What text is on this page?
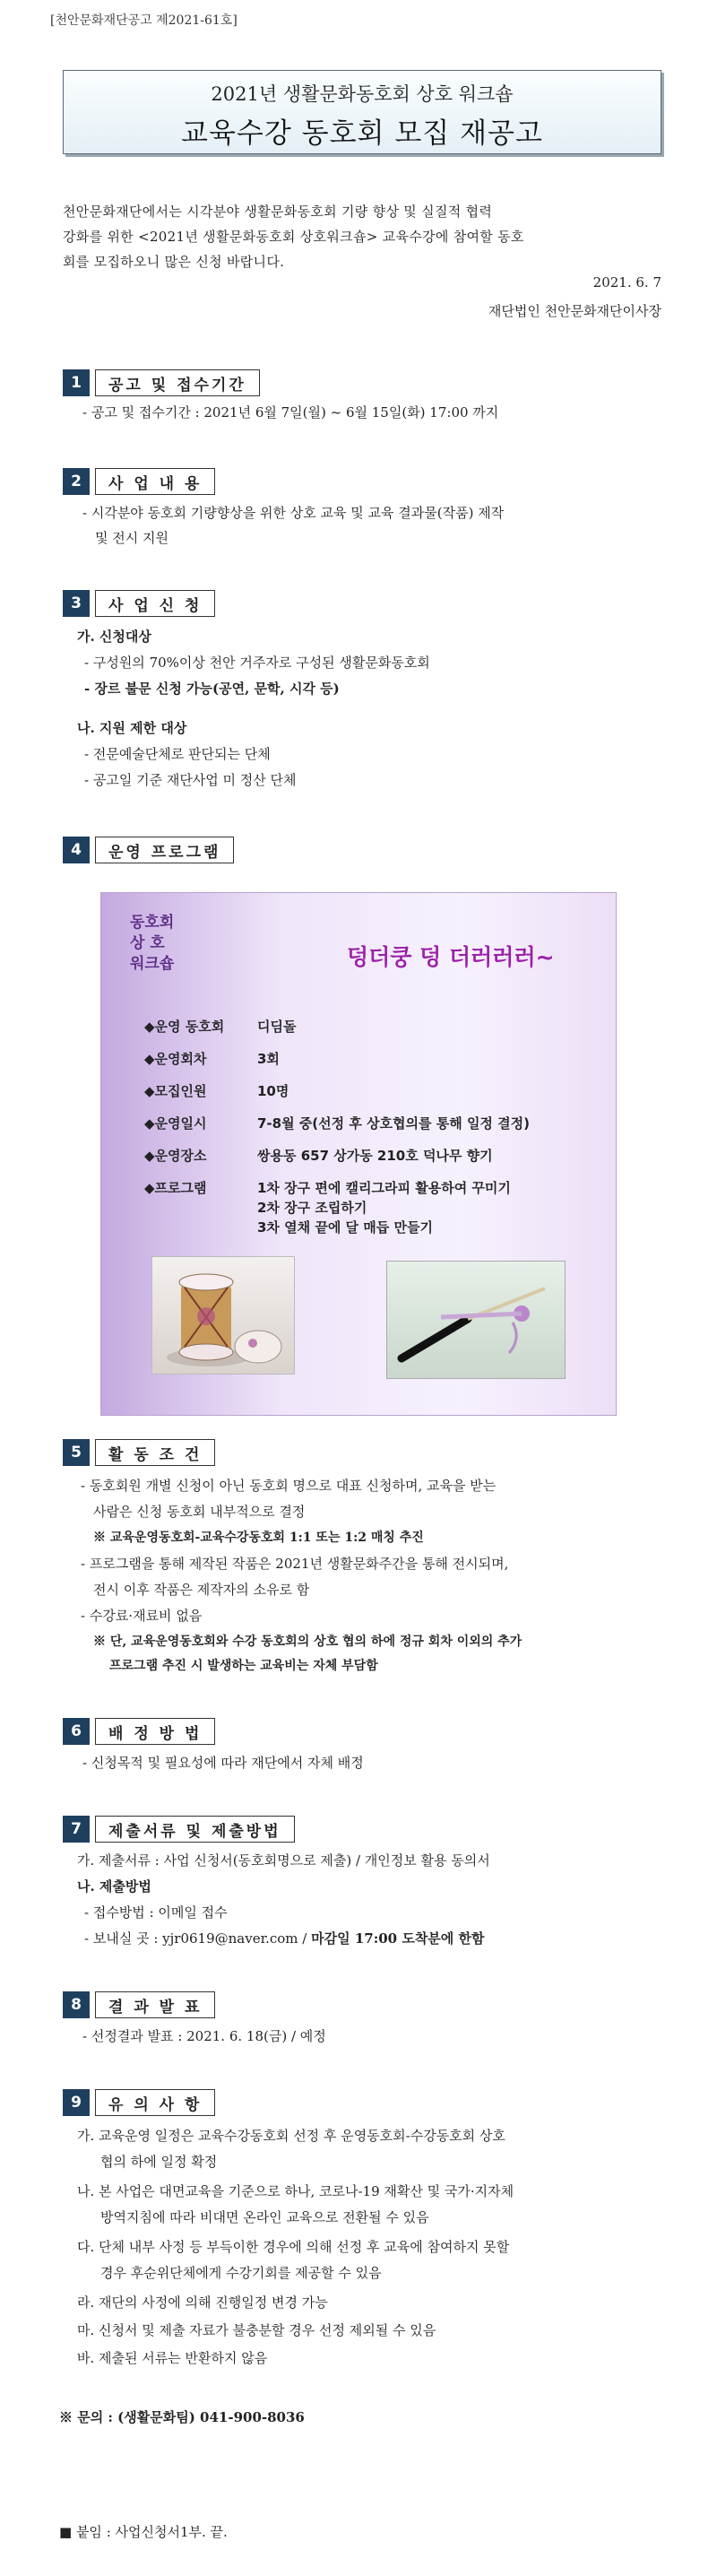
[천안문화재단공고 제2021-61호]
2021년 생활문화동호회 상호 워크숍
교육수강 동호회 모집 재공고
천안문화재단에서는 시각분야 생활문화동호회 기량 향상 및 실질적 협력
강화를 위한 <2021년 생활문화동호회 상호워크숍> 교육수강에 참여할 동호
회를 모집하오니 많은 신청 바랍니다.
2021. 6. 7
재단법인 천안문화재단이사장
1	공고 및 접수기간
- 공고 및 접수기간 : 2021년 6월 7일(월) ~ 6월 15일(화) 17:00 까지
2	사 업 내 용
- 시각분야 동호회 기량향상을 위한 상호 교육 및 교육 결과물(작품) 제작
및 전시 지원
3	사 업 신 청
가. 신청대상
- 구성원의 70%이상 천안 거주자로 구성된 생활문화동호회
- 장르 불문 신청 가능(공연, 문학, 시각 등)
나. 지원 제한 대상
- 전문예술단체로 판단되는 단체
- 공고일 기준 재단사업 미 정산 단체
4	운영 프로그램
동호회
상 호
워크숍	덩더쿵 덩 더러러러~
◆운영 동호회 디딤돌
◆운영회차	3회
◆모집인원	10명
◆운영일시	7-8월 중(선정 후 상호협의를 통해 일정 결정)
◆운영장소	쌍용동 657 상가동 210호 덕나무 향기
◆프로그램	1차 장구 편에 캘리그라피 활용하여 꾸미기
2차 장구 조립하기
3차 열채 끝에 달 매듭 만들기
5	활 동 조 건
- 동호회원 개별 신청이 아닌 동호회 명으로 대표 신청하며, 교육을 받는
사람은 신청 동호회 내부적으로 결정
※ 교육운영동호회-교육수강동호회 1:1 또는 1:2 매칭 추진
- 프로그램을 통해 제작된 작품은 2021년 생활문화주간을 통해 전시되며,
전시 이후 작품은 제작자의 소유로 함
- 수강료·재료비 없음
※ 단, 교육운영동호회와 수강 동호회의 상호 협의 하에 정규 회차 이외의 추가
프로그램 추진 시 발생하는 교육비는 자체 부담함
6	배 정 방 법
- 신청목적 및 필요성에 따라 재단에서 자체 배정
7	제출서류 및 제출방법
가. 제출서류 : 사업 신청서(동호회명으로 제출) / 개인정보 활용 동의서
나. 제출방법
- 접수방법 : 이메일 접수
- 보내실 곳 : yjr0619@naver.com / 마감일 17:00 도착분에 한함
8	결 과 발 표
- 선정결과 발표 : 2021. 6. 18(금) / 예정
9	유 의 사 항
가. 교육운영 일정은 교육수강동호회 선정 후 운영동호회-수강동호회 상호
협의 하에 일정 확정
나. 본 사업은 대면교육을 기준으로 하나, 코로나-19 재확산 및 국가·지자체
방역지침에 따라 비대면 온라인 교육으로 전환될 수 있음
다. 단체 내부 사정 등 부득이한 경우에 의해 선정 후 교육에 참여하지 못할
경우 후순위단체에게 수강기회를 제공할 수 있음
라. 재단의 사정에 의해 진행일정 변경 가능
마. 신청서 및 제출 자료가 불충분할 경우 선정 제외될 수 있음
바. 제출된 서류는 반환하지 않음
※ 문의 : (생활문화팀) 041-900-8036
■ 붙임 : 사업신청서1부. 끝.
